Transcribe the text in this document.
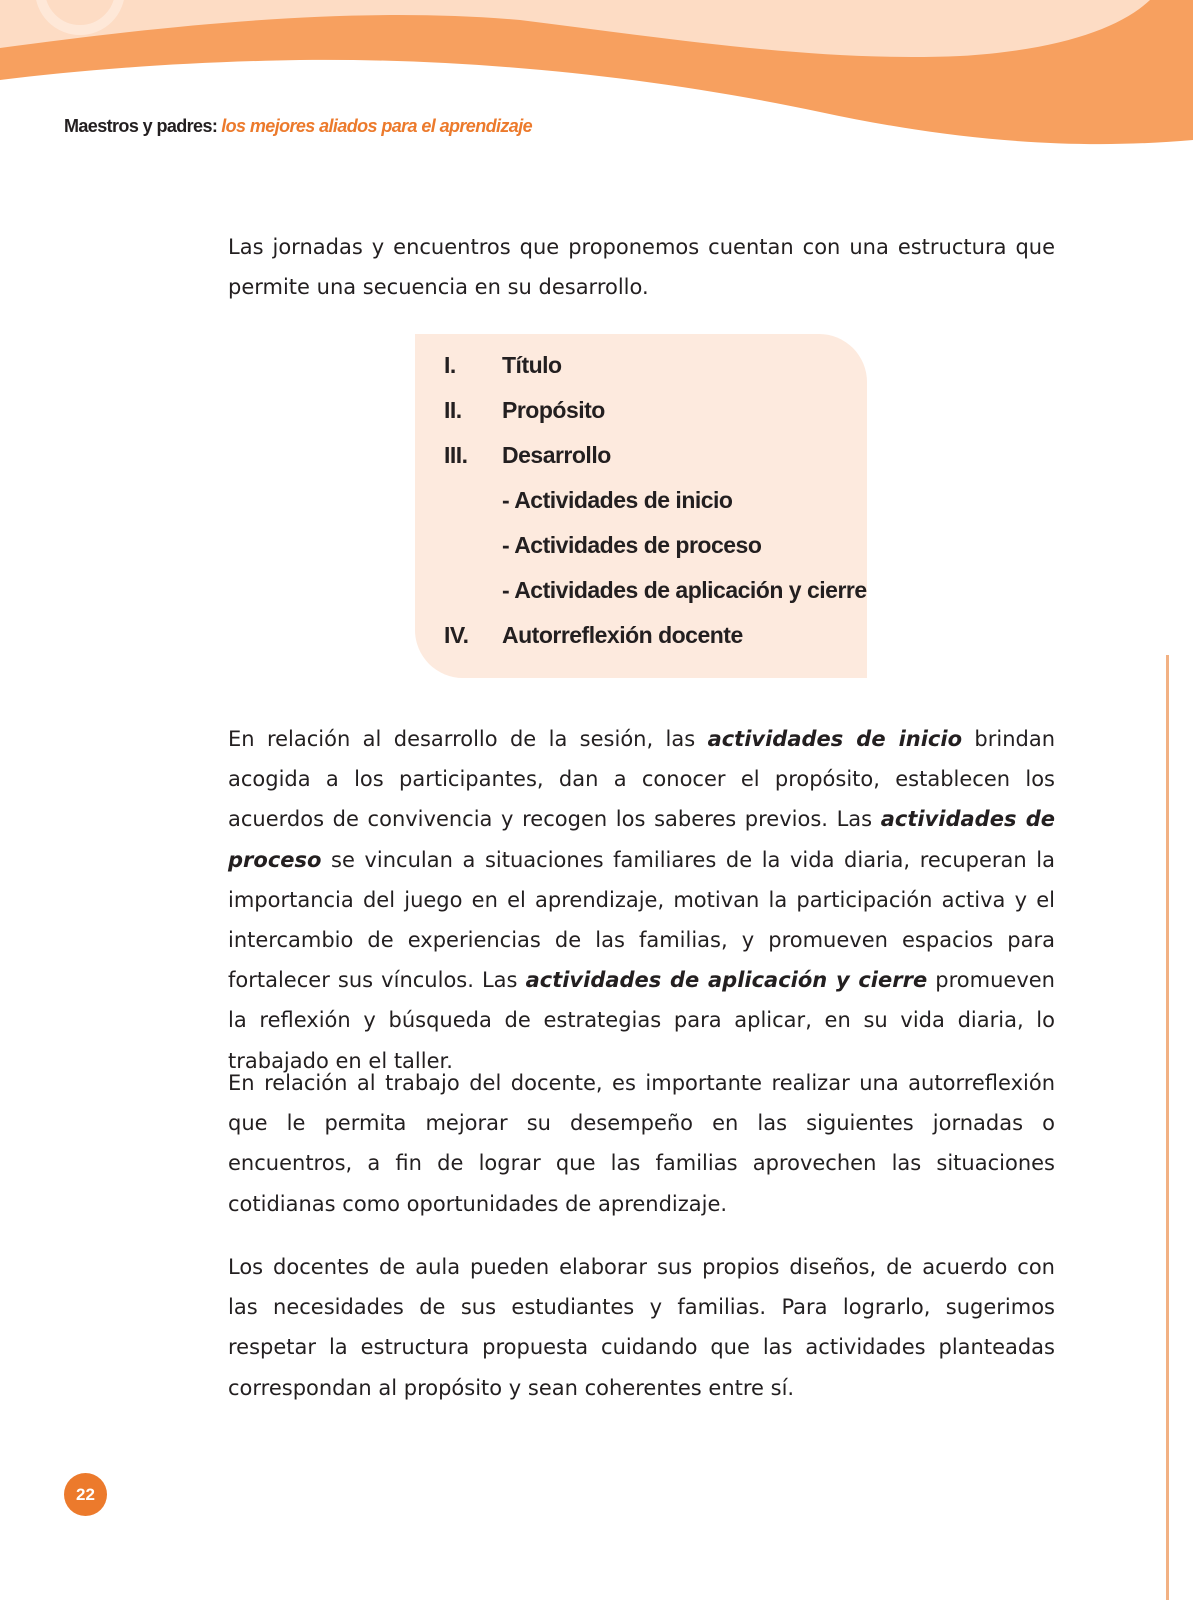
Maestros y padres: los mejores aliados para el aprendizaje

Las jornadas y encuentros que proponemos cuentan con una estructura que permite una secuencia en su desarrollo.

I. Título
II. Propósito
III. Desarrollo
- Actividades de inicio
- Actividades de proceso
- Actividades de aplicación y cierre
IV. Autorreflexión docente

En relación al desarrollo de la sesión, las actividades de inicio brindan acogida a los participantes, dan a conocer el propósito, establecen los acuerdos de convivencia y recogen los saberes previos. Las actividades de proceso se vinculan a situaciones familiares de la vida diaria, recuperan la importancia del juego en el aprendizaje, motivan la participación activa y el intercambio de experiencias de las familias, y promueven espacios para fortalecer sus vínculos. Las actividades de aplicación y cierre promueven la reflexión y búsqueda de estrategias para aplicar, en su vida diaria, lo trabajado en el taller.

En relación al trabajo del docente, es importante realizar una autorreflexión que le permita mejorar su desempeño en las siguientes jornadas o encuentros, a fin de lograr que las familias aprovechen las situaciones cotidianas como oportunidades de aprendizaje.

Los docentes de aula pueden elaborar sus propios diseños, de acuerdo con las necesidades de sus estudiantes y familias. Para lograrlo, sugerimos respetar la estructura propuesta cuidando que las actividades planteadas correspondan al propósito y sean coherentes entre sí.

22
